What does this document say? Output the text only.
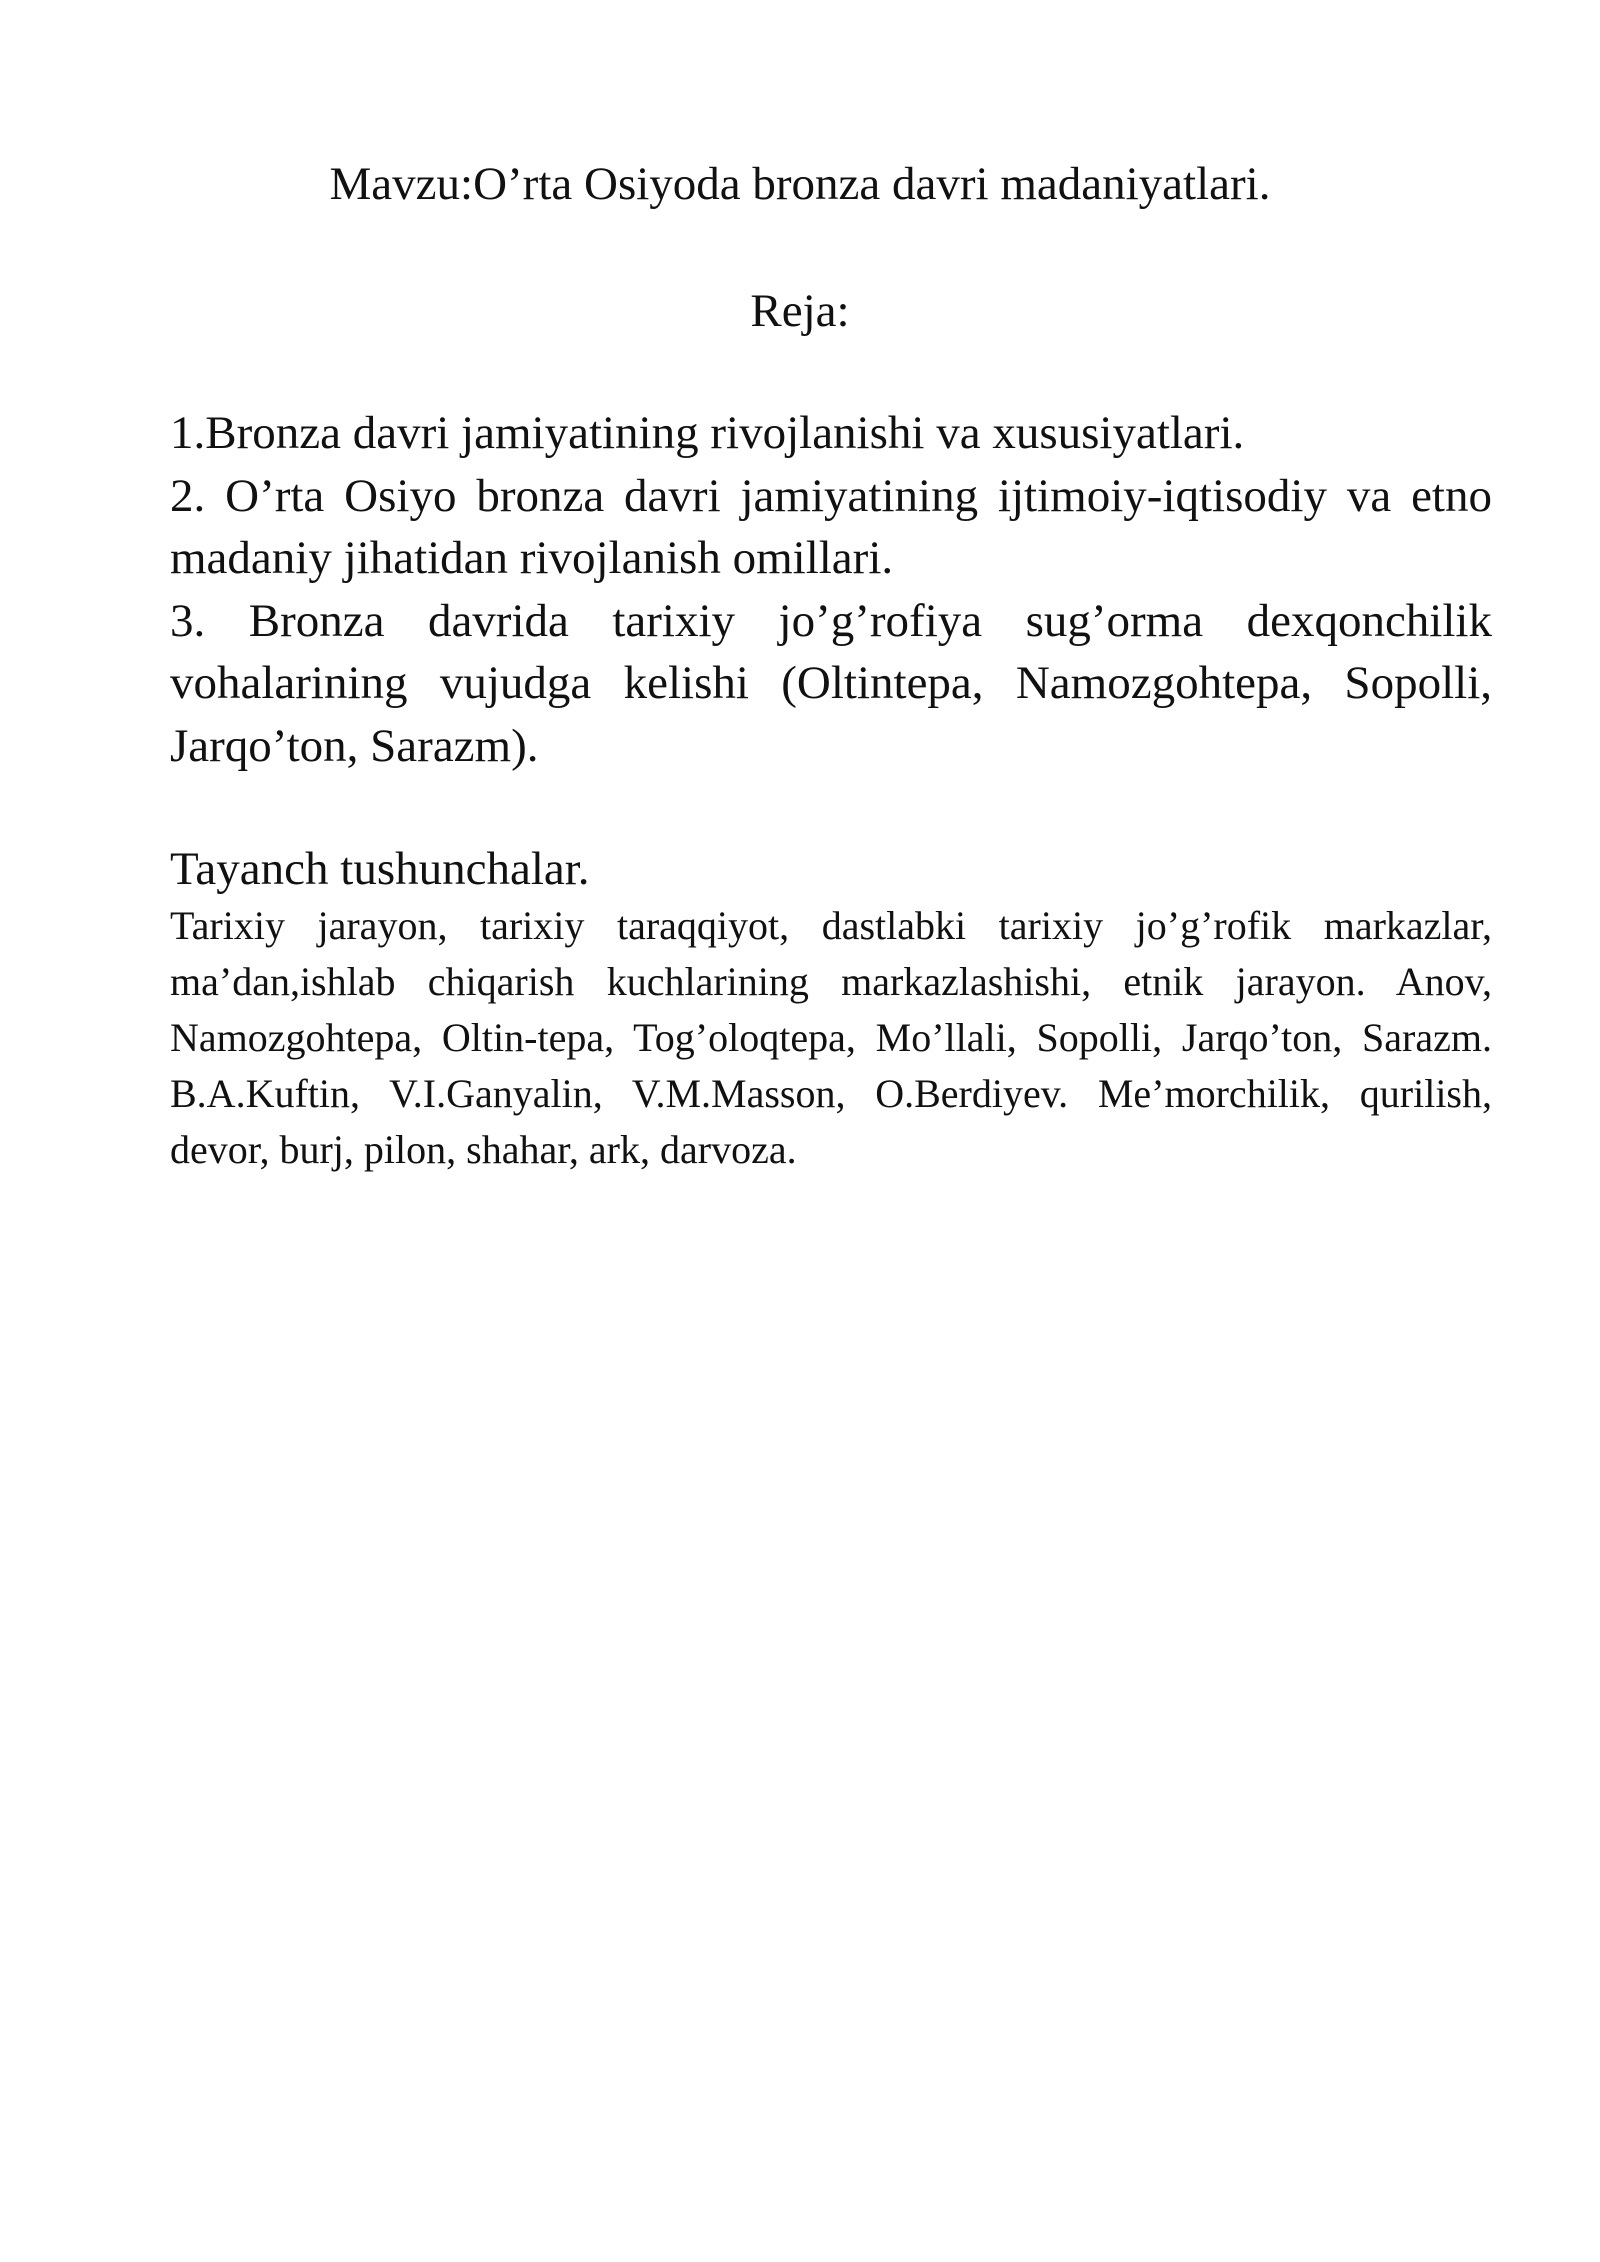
Mavzu:O’rta Osiyoda bronza davri madaniyatlari.
Reja:
1.Bronza davri jamiyatining rivojlanishi va xususiyatlari.
2. O’rta Osiyo bronza davri jamiyatining ijtimoiy-iqtisodiy va etno madaniy jihatidan rivojlanish omillari.
3. Bronza davrida tarixiy jo’g’rofiya sug’orma dexqonchilik vohalarining vujudga kelishi (Oltintepa, Namozgohtepa, Sopolli, Jarqo’ton, Sarazm).
Tayanch tushunchalar.

Tarixiy jarayon, tarixiy taraqqiyot, dastlabki tarixiy jo’g’rofik markazlar, ma’dan,ishlab chiqarish kuchlarining markazlashishi, etnik jarayon. Anov, Namozgohtepa, Oltin-tepa, Tog’oloqtepa, Mo’llali, Sopolli, Jarqo’ton, Sarazm. B.A.Kuftin, V.I.Ganyalin, V.M.Masson, O.Berdiyev. Me’morchilik, qurilish, devor, burj, pilon, shahar, ark, darvoza.
